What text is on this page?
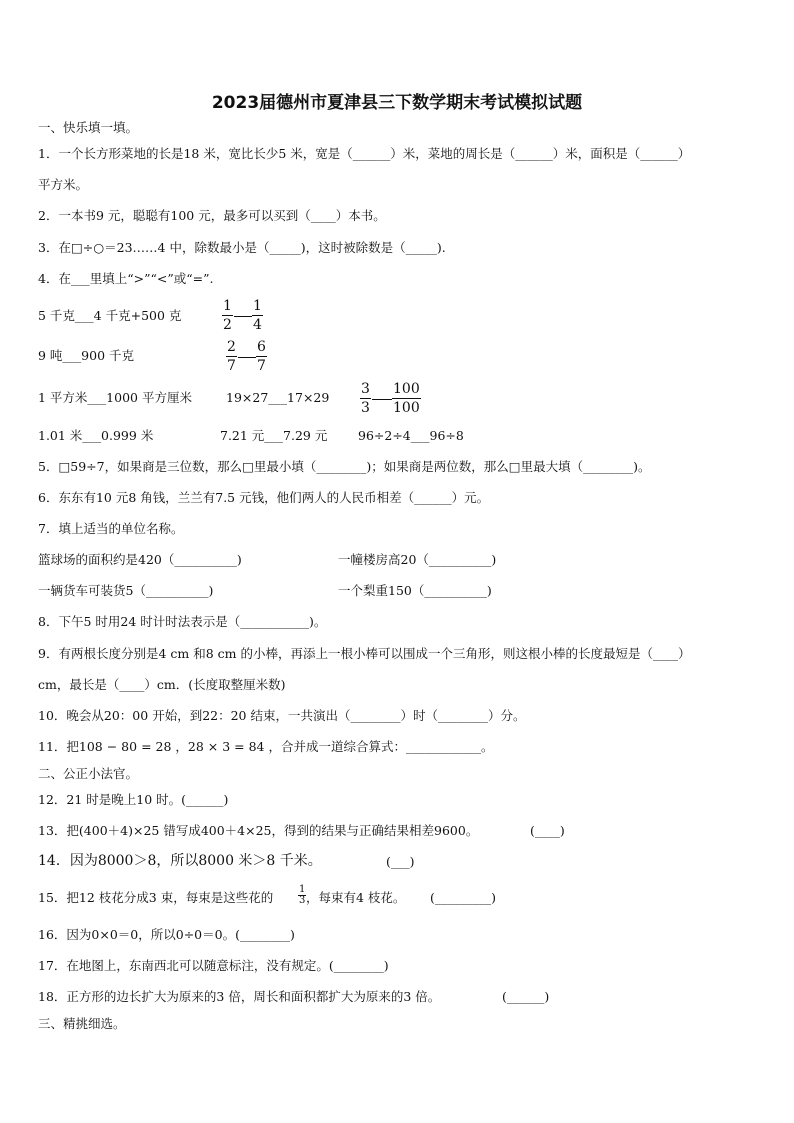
2023届德州市夏津县三下数学期末考试模拟试题
一、快乐填一填。
1．一个长方形菜地的长是18 米，宽比长少5 米，宽是（______）米，菜地的周长是（______）米，面积是（______）
平方米。
2．一本书9 元，聪聪有100 元，最多可以买到（____）本书。
3．在□÷○＝23……4 中，除数最小是（_____)，这时被除数是（_____).
4．在___里填上“>”“<”或“=”.
5 千克___4 千克+500 克	$\frac{1}{2} \frac{1}{4}$
9 吨___900 千克	$\frac{2}{7} \frac{6}{7}$
1 平方米___1000 平方厘米	19×27___17×29 $\frac{3}{3} \frac{100}{100}$
1.01 米___0.999 米	7.21 元___7.29 元 96÷2÷4___96÷8
5．□59÷7，如果商是三位数，那么□里最小填（________)；如果商是两位数，那么□里最大填（________)。
6．东东有10 元8 角钱，兰兰有7.5 元钱，他们两人的人民币相差（______）元。
7．填上适当的单位名称。
篮球场的面积约是420（__________)	一幢楼房高20（__________)
一辆货车可装货5（__________)	一个梨重150（__________)
8．下午5 时用24 时计时法表示是（___________)。
9．有两根长度分别是4 cm 和8 cm 的小棒，再添上一根小棒可以围成一个三角形，则这根小棒的长度最短是（____）
cm，最长是（____）cm．(长度取整厘米数)
10．晚会从20：00 开始，到22：20 结束，一共演出（________）时（________）分。
11．把108 − 80 = 28 ，28 × 3 = 84 ，合并成一道综合算式：____________。
二、公正小法官。
12．21 时是晚上10 时。(______)
13．把(400＋4)×25 错写成400＋4×25，得到的结果与正确结果相差9600。	(____)
14．因为8000＞8，所以8000 米＞8 千米。	(___)
15．把12 枝花分成3 束，每束是这些花的 $\frac{1}{3}$ ，每束有4 枝花。 (_________)
16．因为0×0＝0，所以0÷0＝0。(________)
17．在地图上，东南西北可以随意标注，没有规定。(________)
18．正方形的边长扩大为原来的3 倍，周长和面积都扩大为原来的3 倍。	(______)
三、精挑细选。
